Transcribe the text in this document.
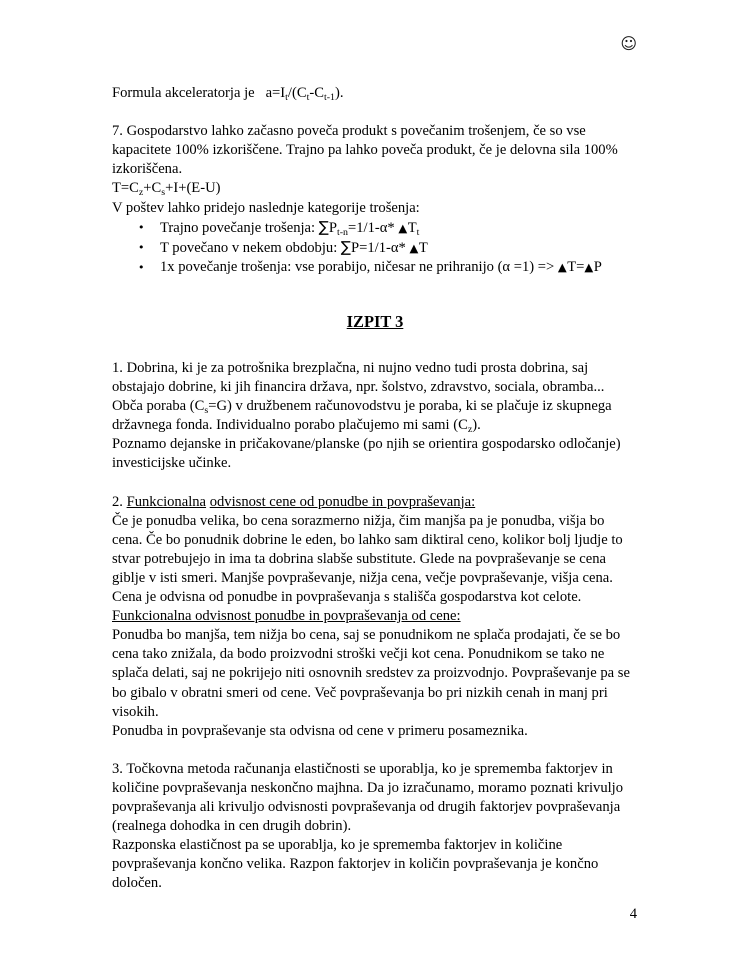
☺

Formula akceleratorja je $a=I_t/(C_t-C_{t-1})$.

7. Gospodarstvo lahko začasno poveča produkt s povečanim trošenjem, če so vse kapacitete 100% izkoriščene. Trajno pa lahko poveča produkt, če je delovna sila 100% izkoriščena.

$T=C_z+C_s+I+(E-U)$

V poštev lahko pridejo naslednje kategorije trošenja:

• Trajno povečanje trošenja: $\sum P_{t-n}=1/1-\alpha*$ $▲T_t$
• T povečano v nekem obdobju: ∑P=1/1-α* ▲T
• 1x povečanje trošenja: vse porabijo, ničesar ne prihranijo (α =1) => ▲T=▲P

IZPIT 3

1. Dobrina, ki je za potrošnika brezplačna, ni nujno vedno tudi prosta dobrina, saj obstajajo dobrine, ki jih financira država, npr. šolstvo, zdravstvo, sociala, obramba...

Obča poraba $(C_s=G)$ v družbenem računovodstvu je poraba, ki se plačuje iz skupnega državnega fonda. Individualno porabo plačujemo mi sami $(C_z)$.

Poznamo dejanske in pričakovane/planske (po njih se orientira gospodarsko odločanje) investicijske učinke.

2. Funkcionalna odvisnost cene od ponudbe in povpraševanja:

Če je ponudba velika, bo cena sorazmerno nižja, čim manjša pa je ponudba, višja bo cena. Če bo ponudnik dobrine le eden, bo lahko sam diktiral ceno, kolikor bolj ljudje to stvar potrebujejo in ima ta dobrina slabše substitute. Glede na povpraševanje se cena giblje v isti smeri. Manjše povpraševanje, nižja cena, večje povpraševanje, višja cena. Cena je odvisna od ponudbe in povpraševanja s stališča gospodarstva kot celote.

Funkcionalna odvisnost ponudbe in povpraševanja od cene:

Ponudba bo manjša, tem nižja bo cena, saj se ponudnikom ne splača prodajati, če se bo cena tako znižala, da bodo proizvodni stroški večji kot cena. Ponudnikom se tako ne splača delati, saj ne pokrijejo niti osnovnih sredstev za proizvodnjo. Povpraševanje pa se bo gibalo v obratni smeri od cene. Več povpraševanja bo pri nizkih cenah in manj pri visokih.

Ponudba in povpraševanje sta odvisna od cene v primeru posameznika.

3. Točkovna metoda računanja elastičnosti se uporablja, ko je sprememba faktorjev in količine povpraševanja neskončno majhna. Da jo izračunamo, moramo poznati krivuljo povpraševanja ali krivuljo odvisnosti povpraševanja od drugih faktorjev povpraševanja (realnega dohodka in cen drugih dobrin).

Razponska elastičnost pa se uporablja, ko je sprememba faktorjev in količine povpraševanja končno velika. Razpon faktorjev in količin povpraševanja je končno določen.

4
